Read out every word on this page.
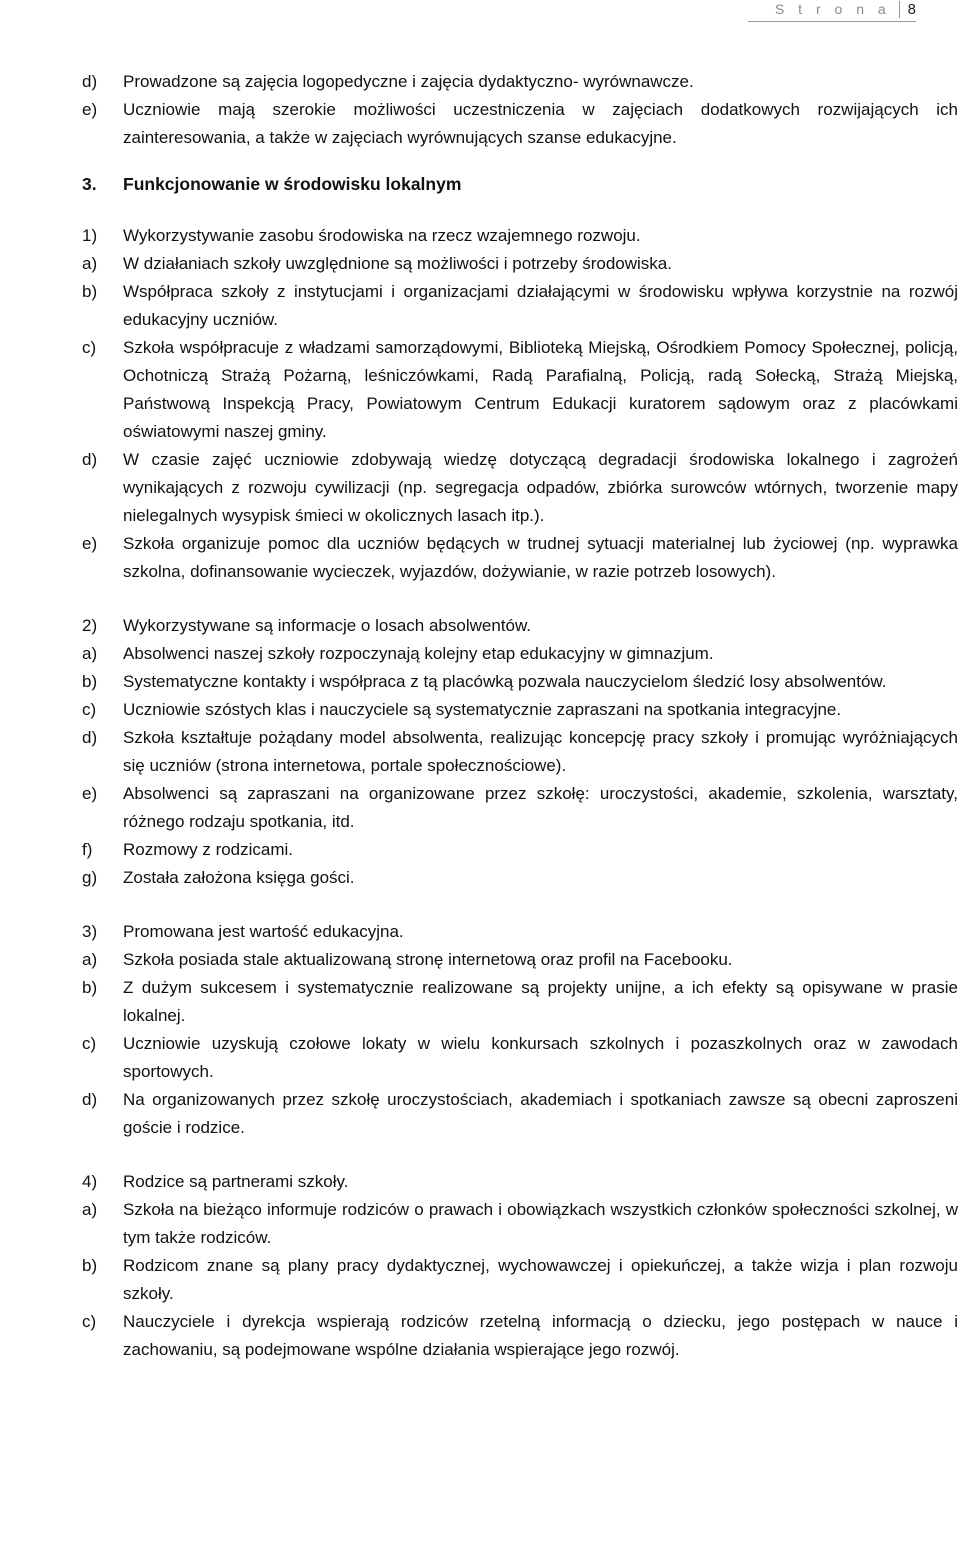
S t r o n a	8
d)	Prowadzone są zajęcia logopedyczne i zajęcia dydaktyczno- wyrównawcze.
e)	Uczniowie mają szerokie możliwości uczestniczenia w zajęciach dodatkowych rozwijających ich zainteresowania, a także w zajęciach wyrównujących szanse edukacyjne.
3.	Funkcjonowanie w środowisku lokalnym
1)	Wykorzystywanie zasobu środowiska na rzecz wzajemnego rozwoju.
a)	W działaniach szkoły uwzględnione są możliwości i potrzeby środowiska.
b)	Współpraca szkoły z instytucjami i organizacjami działającymi w środowisku wpływa korzystnie na rozwój edukacyjny uczniów.
c)	Szkoła współpracuje z władzami samorządowymi, Biblioteką Miejską, Ośrodkiem Pomocy Społecznej, policją, Ochotniczą Strażą Pożarną, leśniczówkami, Radą Parafialną, Policją, radą Sołecką, Strażą Miejską, Państwową Inspekcją Pracy, Powiatowym Centrum Edukacji kuratorem sądowym oraz z placówkami oświatowymi naszej gminy.
d)	W czasie zajęć uczniowie zdobywają wiedzę dotyczącą degradacji środowiska lokalnego i zagrożeń wynikających z rozwoju cywilizacji (np. segregacja odpadów, zbiórka surowców wtórnych, tworzenie mapy nielegalnych wysypisk śmieci w okolicznych lasach itp.).
e)	Szkoła organizuje pomoc dla uczniów będących w trudnej sytuacji materialnej lub życiowej (np. wyprawka szkolna, dofinansowanie wycieczek, wyjazdów, dożywianie, w razie potrzeb losowych).
2)	Wykorzystywane są informacje o losach absolwentów.
a)	Absolwenci naszej szkoły rozpoczynają kolejny etap edukacyjny w gimnazjum.
b)	Systematyczne kontakty i współpraca z tą placówką pozwala nauczycielom śledzić losy absolwentów.
c)	Uczniowie szóstych klas i nauczyciele są systematycznie zapraszani na spotkania integracyjne.
d)	Szkoła kształtuje pożądany model absolwenta, realizując koncepcję pracy szkoły i promując wyróżniających się uczniów (strona internetowa, portale społecznościowe).
e)	Absolwenci są zapraszani na organizowane przez szkołę: uroczystości, akademie, szkolenia, warsztaty, różnego rodzaju spotkania, itd.
f)	Rozmowy z rodzicami.
g)	Została założona księga gości.
3)	Promowana jest wartość edukacyjna.
a)	Szkoła posiada stale aktualizowaną stronę internetową oraz profil na Facebooku.
b)	Z dużym sukcesem i systematycznie realizowane są projekty unijne, a ich efekty są opisywane w prasie lokalnej.
c)	Uczniowie uzyskują czołowe lokaty w wielu konkursach szkolnych i pozaszkolnych oraz w zawodach sportowych.
d)	Na organizowanych przez szkołę uroczystościach, akademiach i spotkaniach zawsze są obecni zaproszeni goście i rodzice.
4)	Rodzice są partnerami szkoły.
a)	Szkoła na bieżąco informuje rodziców o prawach i obowiązkach wszystkich członków społeczności szkolnej, w tym także rodziców.
b)	Rodzicom znane są plany pracy dydaktycznej, wychowawczej i opiekuńczej, a także wizja i plan rozwoju szkoły.
c)	Nauczyciele i dyrekcja wspierają rodziców rzetelną informacją o dziecku, jego postępach w nauce i zachowaniu, są podejmowane wspólne działania wspierające jego rozwój.
